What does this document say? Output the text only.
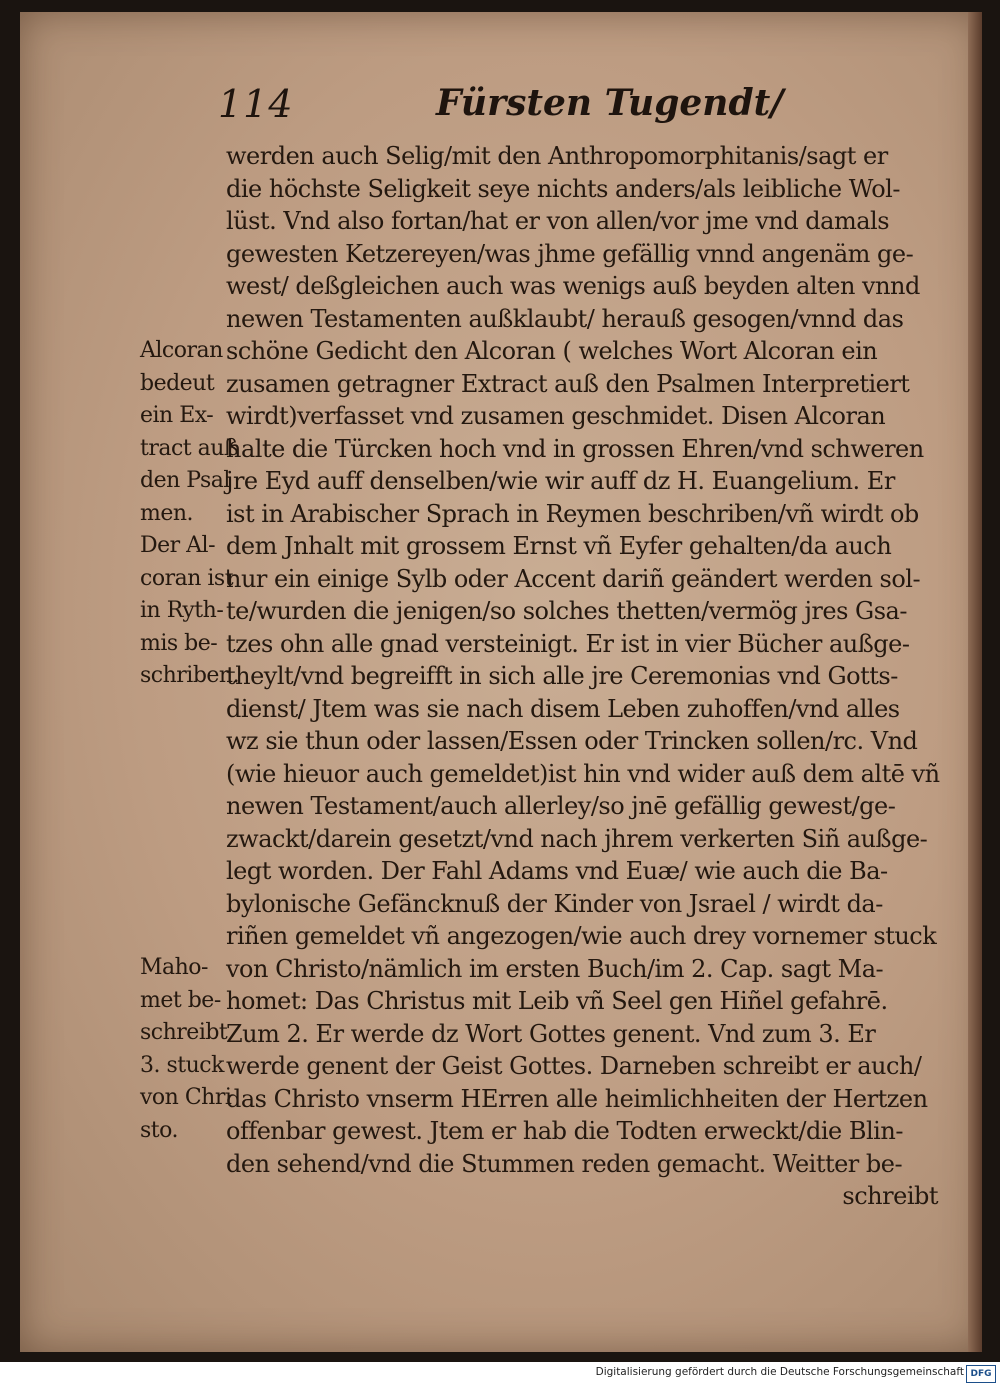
114	Fürsten Tugendt/
Alcoran
bedeut
ein Ex-
tract auß
den Psal
men.
Der Al-
coran ist
in Ryth-
mis be-
schriben.
Maho-
met be-
schreibt
3. stuck
von Chri
sto.
werden auch Selig/mit den Anthropomorphitanis/sagt er
die höchste Seligkeit seye nichts anders/als leibliche Wol-
lüst. Vnd also fortan/hat er von allen/vor jme vnd damals
gewesten Ketzereyen/was jhme gefällig vnnd angenäm ge-
west/ deßgleichen auch was wenigs auß beyden alten vnnd
newen Testamenten außklaubt/ herauß gesogen/vnnd das
schöne Gedicht den Alcoran ( welches Wort Alcoran ein
zusamen getragner Extract auß den Psalmen Interpretiert
wirdt)verfasset vnd zusamen geschmidet. Disen Alcoran
halte die Türcken hoch vnd in grossen Ehren/vnd schweren
jre Eyd auff denselben/wie wir auff dz H. Euangelium. Er
ist in Arabischer Sprach in Reymen beschriben/vñ wirdt ob
dem Jnhalt mit grossem Ernst vñ Eyfer gehalten/da auch
nur ein einige Sylb oder Accent dariñ geändert werden sol-
te/wurden die jenigen/so solches thetten/vermög jres Gsa-
tzes ohn alle gnad versteinigt. Er ist in vier Bücher außge-
theylt/vnd begreifft in sich alle jre Ceremonias vnd Gotts-
dienst/ Jtem was sie nach disem Leben zuhoffen/vnd alles
wz sie thun oder lassen/Essen oder Trincken sollen/rc. Vnd
(wie hieuor auch gemeldet)ist hin vnd wider auß dem altē vñ
newen Testament/auch allerley/so jnē gefällig gewest/ge-
zwackt/darein gesetzt/vnd nach jhrem verkerten Siñ außge-
legt worden. Der Fahl Adams vnd Euæ/ wie auch die Ba-
bylonische Gefäncknuß der Kinder von Jsrael / wirdt da-
riñen gemeldet vñ angezogen/wie auch drey vornemer stuck
von Christo/nämlich im ersten Buch/im 2. Cap. sagt Ma-
homet: Das Christus mit Leib vñ Seel gen Hiñel gefahrē.
Zum 2. Er werde dz Wort Gottes genent. Vnd zum 3. Er
werde genent der Geist Gottes. Darneben schreibt er auch/
das Christo vnserm HErren alle heimlichheiten der Hertzen
offenbar gewest. Jtem er hab die Todten erweckt/die Blin-
den sehend/vnd die Stummen reden gemacht. Weitter be-
schreibt
Digitalisierung gefördert durch die Deutsche Forschungsgemeinschaft DFG
